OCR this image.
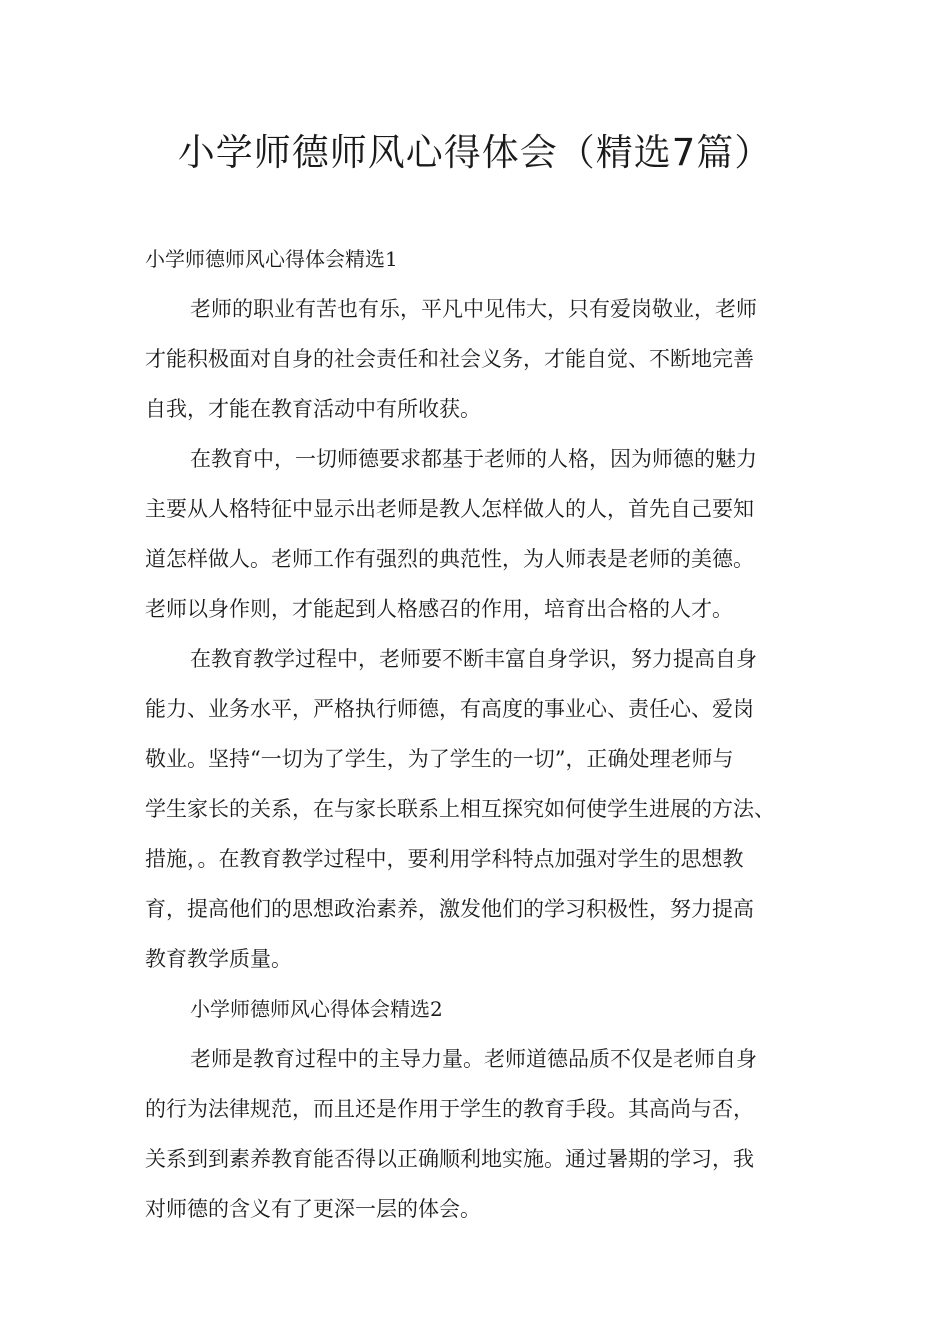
小学师德师风心得体会（精选7篇）

小学师德师风心得体会精选1

老师的职业有苦也有乐，平凡中见伟大，只有爱岗敬业，老师

才能积极面对自身的社会责任和社会义务，才能自觉、不断地完善

自我，才能在教育活动中有所收获。

在教育中，一切师德要求都基于老师的人格，因为师德的魅力

主要从人格特征中显示出老师是教人怎样做人的人，首先自己要知

道怎样做人。老师工作有强烈的典范性，为人师表是老师的美德。

老师以身作则，才能起到人格感召的作用，培育出合格的人才。

在教育教学过程中，老师要不断丰富自身学识，努力提高自身

能力、业务水平，严格执行师德，有高度的事业心、责任心、爱岗

敬业。坚持“一切为了学生，为了学生的一切”，正确处理老师与

学生家长的关系，在与家长联系上相互探究如何使学生进展的方法、

措施，。在教育教学过程中，要利用学科特点加强对学生的思想教

育，提高他们的思想政治素养，激发他们的学习积极性，努力提高

教育教学质量。

小学师德师风心得体会精选2

老师是教育过程中的主导力量。老师道德品质不仅是老师自身

的行为法律规范，而且还是作用于学生的教育手段。其高尚与否，

关系到到素养教育能否得以正确顺利地实施。通过暑期的学习，我

对师德的含义有了更深一层的体会。
